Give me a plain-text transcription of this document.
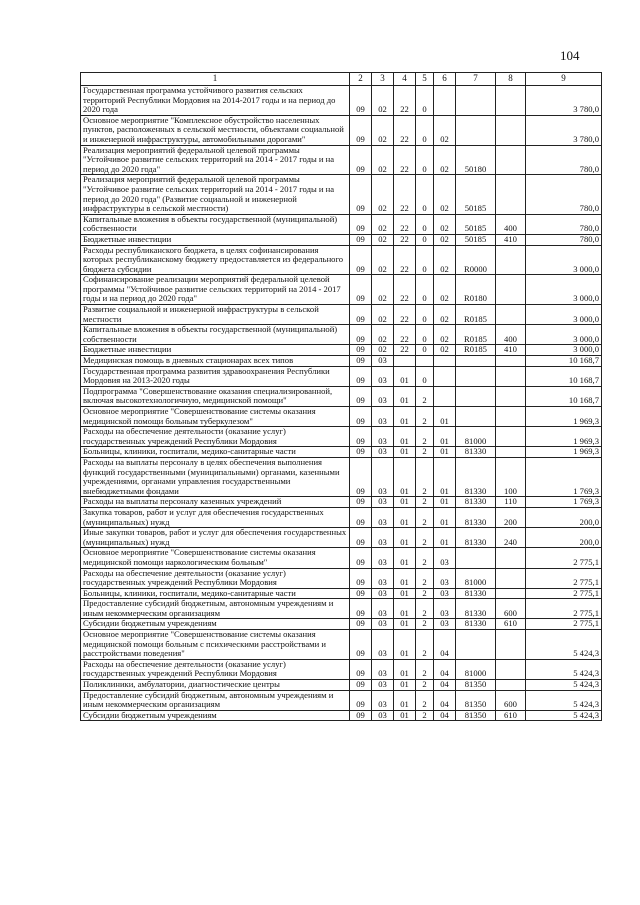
104
1	2	3	4	5	6	7	8	9
Государственная программа устойчивого развития сельских территорий Республики Мордовия на 2014-2017 годы и на период до 2020 года	09	02	22	0				3 780,0
Основное мероприятие "Комплексное обустройство населенных пунктов, расположенных в сельской местности, объектами социальной и инженерной инфраструктуры, автомобильными дорогами"	09	02	22	0	02			3 780,0
Реализация мероприятий федеральной целевой программы "Устойчивое развитие сельских территорий на 2014 - 2017 годы и на период до 2020 года"	09	02	22	0	02	50180		780,0
Реализация мероприятий федеральной целевой программы "Устойчивое развитие сельских территорий на 2014 - 2017 годы и на период до 2020 года" (Развитие социальной и инженерной инфраструктуры в сельской местности)	09	02	22	0	02	50185		780,0
Капитальные вложения в объекты государственной (муниципальной) собственности	09	02	22	0	02	50185	400	780,0
Бюджетные инвестиции	09	02	22	0	02	50185	410	780,0
Расходы республиканского бюджета, в целях софинансирования которых республиканскому бюджету предоставляется из федерального бюджета субсидии	09	02	22	0	02	R0000		3 000,0
Софинансирование реализации мероприятий федеральной целевой программы "Устойчивое развитие сельских территорий на 2014 - 2017 годы и на период до 2020 года"	09	02	22	0	02	R0180		3 000,0
Развитие социальной и инженерной инфраструктуры в сельской местности	09	02	22	0	02	R0185		3 000,0
Капитальные вложения в объекты государственной (муниципальной) собственности	09	02	22	0	02	R0185	400	3 000,0
Бюджетные инвестиции	09	02	22	0	02	R0185	410	3 000,0
Медицинская помощь в дневных стационарах всех типов	09	03						10 168,7
Государственная программа развития здравоохранения Республики Мордовия на 2013-2020 годы	09	03	01	0				10 168,7
Подпрограмма "Совершенствование оказания специализированной, включая высокотехнологичную, медицинской помощи"	09	03	01	2				10 168,7
Основное мероприятие "Совершенствование системы оказания медицинской помощи больным туберкулезом"	09	03	01	2	01			1 969,3
Расходы на обеспечение деятельности (оказание услуг) государственных учреждений Республики Мордовия	09	03	01	2	01	81000		1 969,3
Больницы, клиники, госпитали, медико-санитарные части	09	03	01	2	01	81330		1 969,3
Расходы на выплаты персоналу в целях обеспечения выполнения функций государственными (муниципальными) органами, казенными учреждениями, органами управления государственными внебюджетными фондами	09	03	01	2	01	81330	100	1 769,3
Расходы на выплаты персоналу казенных учреждений	09	03	01	2	01	81330	110	1 769,3
Закупка товаров, работ и услуг для обеспечения государственных (муниципальных) нужд	09	03	01	2	01	81330	200	200,0
Иные закупки товаров, работ и услуг для обеспечения государственных (муниципальных) нужд	09	03	01	2	01	81330	240	200,0
Основное мероприятие "Совершенствование системы оказания медицинской помощи наркологическим больным"	09	03	01	2	03			2 775,1
Расходы на обеспечение деятельности (оказание услуг) государственных учреждений Республики Мордовия	09	03	01	2	03	81000		2 775,1
Больницы, клиники, госпитали, медико-санитарные части	09	03	01	2	03	81330		2 775,1
Предоставление субсидий бюджетным, автономным учреждениям и иным некоммерческим организациям	09	03	01	2	03	81330	600	2 775,1
Субсидии бюджетным учреждениям	09	03	01	2	03	81330	610	2 775,1
Основное мероприятие "Совершенствование системы оказания медицинской помощи больным с психическими расстройствами и расстройствами поведения"	09	03	01	2	04			5 424,3
Расходы на обеспечение деятельности (оказание услуг) государственных учреждений Республики Мордовия	09	03	01	2	04	81000		5 424,3
Поликлиники, амбулатории, диагностические центры	09	03	01	2	04	81350		5 424,3
Предоставление субсидий бюджетным, автономным учреждениям и иным некоммерческим организациям	09	03	01	2	04	81350	600	5 424,3
Субсидии бюджетным учреждениям	09	03	01	2	04	81350	610	5 424,3
